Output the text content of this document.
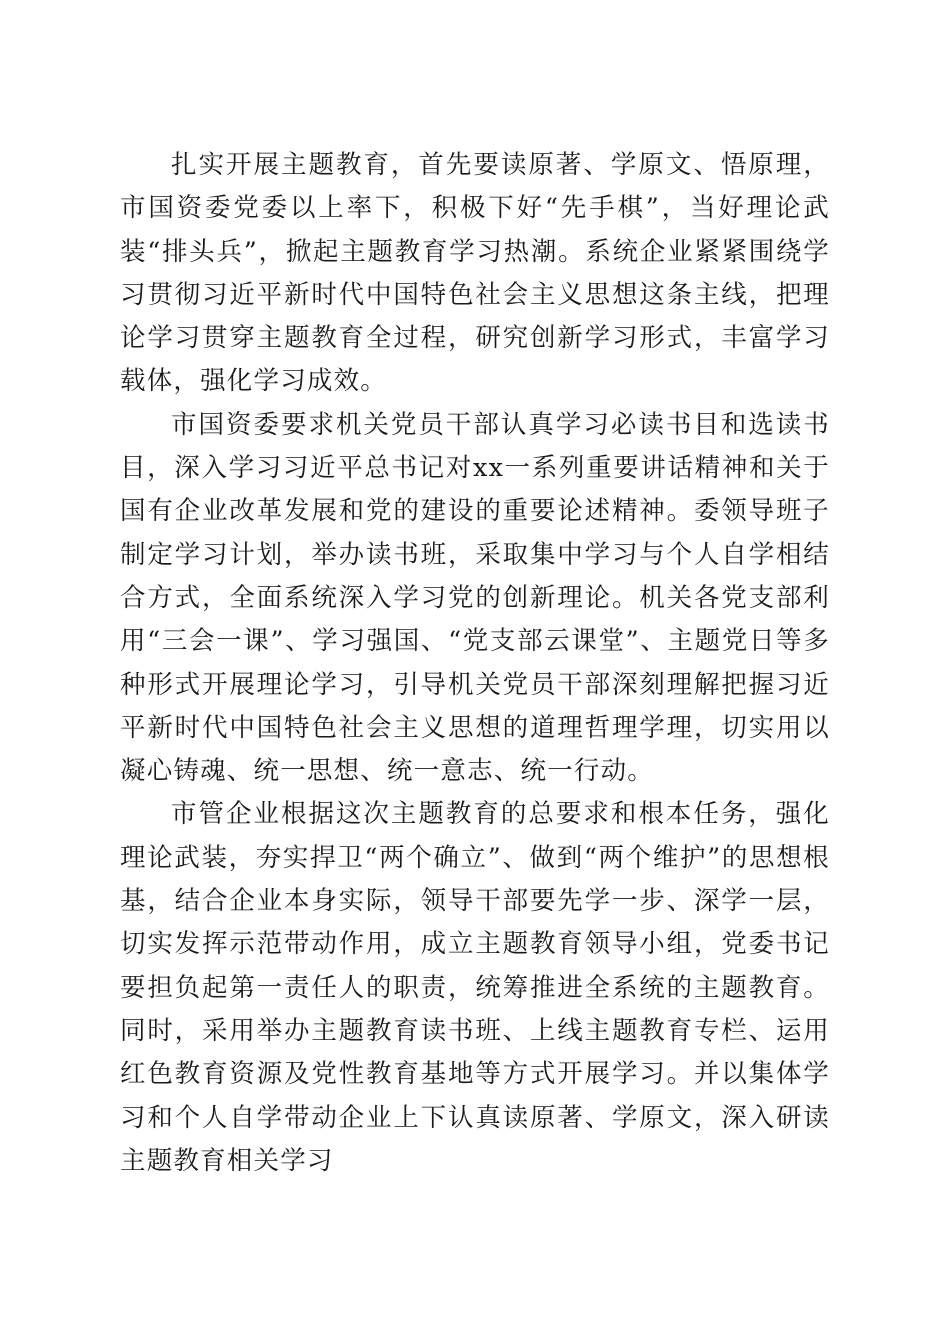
扎实开展主题教育，首先要读原著、学原文、悟原理，市国资委党委以上率下，积极下好“先手棋”，当好理论武装“排头兵”，掀起主题教育学习热潮。系统企业紧紧围绕学习贯彻习近平新时代中国特色社会主义思想这条主线，把理论学习贯穿主题教育全过程，研究创新学习形式，丰富学习载体，强化学习成效。

市国资委要求机关党员干部认真学习必读书目和选读书目，深入学习习近平总书记对xx一系列重要讲话精神和关于国有企业改革发展和党的建设的重要论述精神。委领导班子制定学习计划，举办读书班，采取集中学习与个人自学相结合方式，全面系统深入学习党的创新理论。机关各党支部利用“三会一课”、学习强国、“党支部云课堂”、主题党日等多种形式开展理论学习，引导机关党员干部深刻理解把握习近平新时代中国特色社会主义思想的道理哲理学理，切实用以凝心铸魂、统一思想、统一意志、统一行动。

市管企业根据这次主题教育的总要求和根本任务，强化理论武装，夯实捍卫“两个确立”、做到“两个维护”的思想根基，结合企业本身实际，领导干部要先学一步、深学一层，切实发挥示范带动作用，成立主题教育领导小组，党委书记要担负起第一责任人的职责，统筹推进全系统的主题教育。同时，采用举办主题教育读书班、上线主题教育专栏、运用红色教育资源及党性教育基地等方式开展学习。并以集体学习和个人自学带动企业上下认真读原著、学原文，深入研读主题教育相关学习
